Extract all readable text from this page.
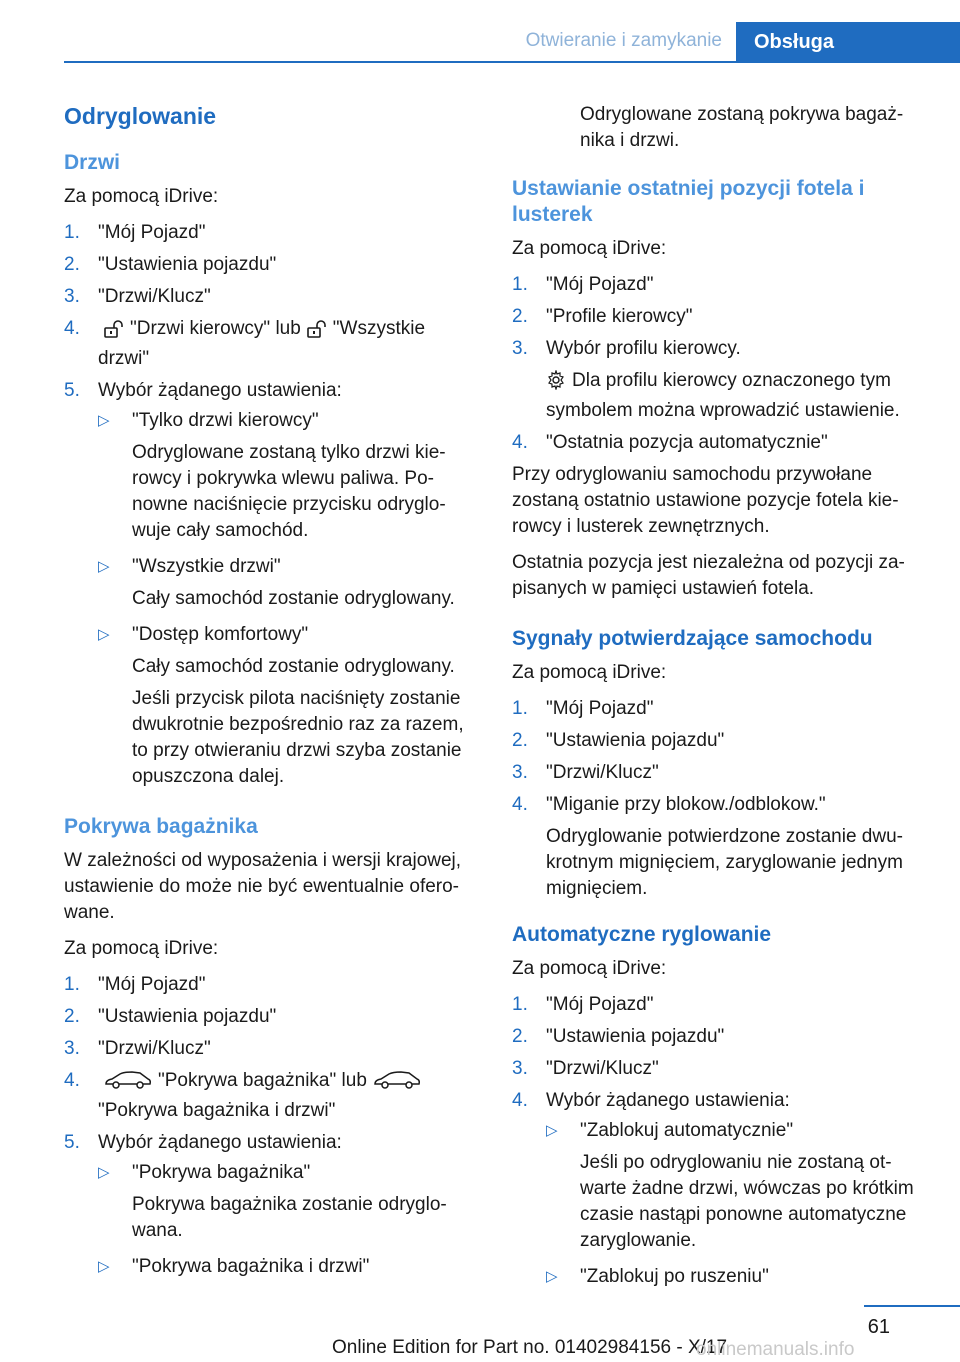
Otwieranie i zamykanie	Obsługa
Odryglowanie
Drzwi
Za pomocą iDrive:
1. "Mój Pojazd"
2. "Ustawienia pojazdu"
3. "Drzwi/Klucz"
4.	"Drzwi kierowcy" lub "Wszystkie drzwi"
5. Wybór żądanego ustawienia:
▷ "Tylko drzwi kierowcy"
Odryglowane zostaną tylko drzwi kie-rowcy i pokrywka wlewu paliwa. Po-nowne naciśnięcie przycisku odryglo-wuje cały samochód.
▷ "Wszystkie drzwi"
Cały samochód zostanie odryglowany.
▷ "Dostęp komfortowy"
Cały samochód zostanie odryglowany.
Jeśli przycisk pilota naciśnięty zostanie dwukrotnie bezpośrednio raz za razem, to przy otwieraniu drzwi szyba zostanie opuszczona dalej.
Pokrywa bagażnika
W zależności od wyposażenia i wersji krajowej, ustawienie do może nie być ewentualnie ofero-wane.
Za pomocą iDrive:
1. "Mój Pojazd"
2. "Ustawienia pojazdu"
3. "Drzwi/Klucz"
4.	"Pokrywa bagażnika" lub
"Pokrywa bagażnika i drzwi"
5. Wybór żądanego ustawienia:
▷ "Pokrywa bagażnika"
Pokrywa bagażnika zostanie odryglo-wana.
▷ "Pokrywa bagażnika i drzwi"
Odryglowane zostaną pokrywa bagaż-nika i drzwi.
Ustawianie ostatniej pozycji fotela i lusterek
Za pomocą iDrive:
1. "Mój Pojazd"
2. "Profile kierowcy"
3. Wybór profilu kierowcy.
Dla profilu kierowcy oznaczonego tym symbolem można wprowadzić ustawienie.
4. "Ostatnia pozycja automatycznie"
Przy odryglowaniu samochodu przywołane zostaną ostatnio ustawione pozycje fotela kie-rowcy i lusterek zewnętrznych.
Ostatnia pozycja jest niezależna od pozycji za-pisanych w pamięci ustawień fotela.
Sygnały potwierdzające samochodu
Za pomocą iDrive:
1. "Mój Pojazd"
2. "Ustawienia pojazdu"
3. "Drzwi/Klucz"
4. "Miganie przy blokow./odblokow."
Odryglowanie potwierdzone zostanie dwu-krotnym mignięciem, zaryglowanie jednym mignięciem.
Automatyczne ryglowanie
Za pomocą iDrive:
1. "Mój Pojazd"
2. "Ustawienia pojazdu"
3. "Drzwi/Klucz"
4. Wybór żądanego ustawienia:
▷ "Zablokuj automatycznie"
Jeśli po odryglowaniu nie zostaną ot-warte żadne drzwi, wówczas po krótkim czasie nastąpi ponowne automatyczne zaryglowanie.
▷ "Zablokuj po ruszeniu"
61
Online Edition for Part no. 01402984156 - X/17
onlinemanuals.info
